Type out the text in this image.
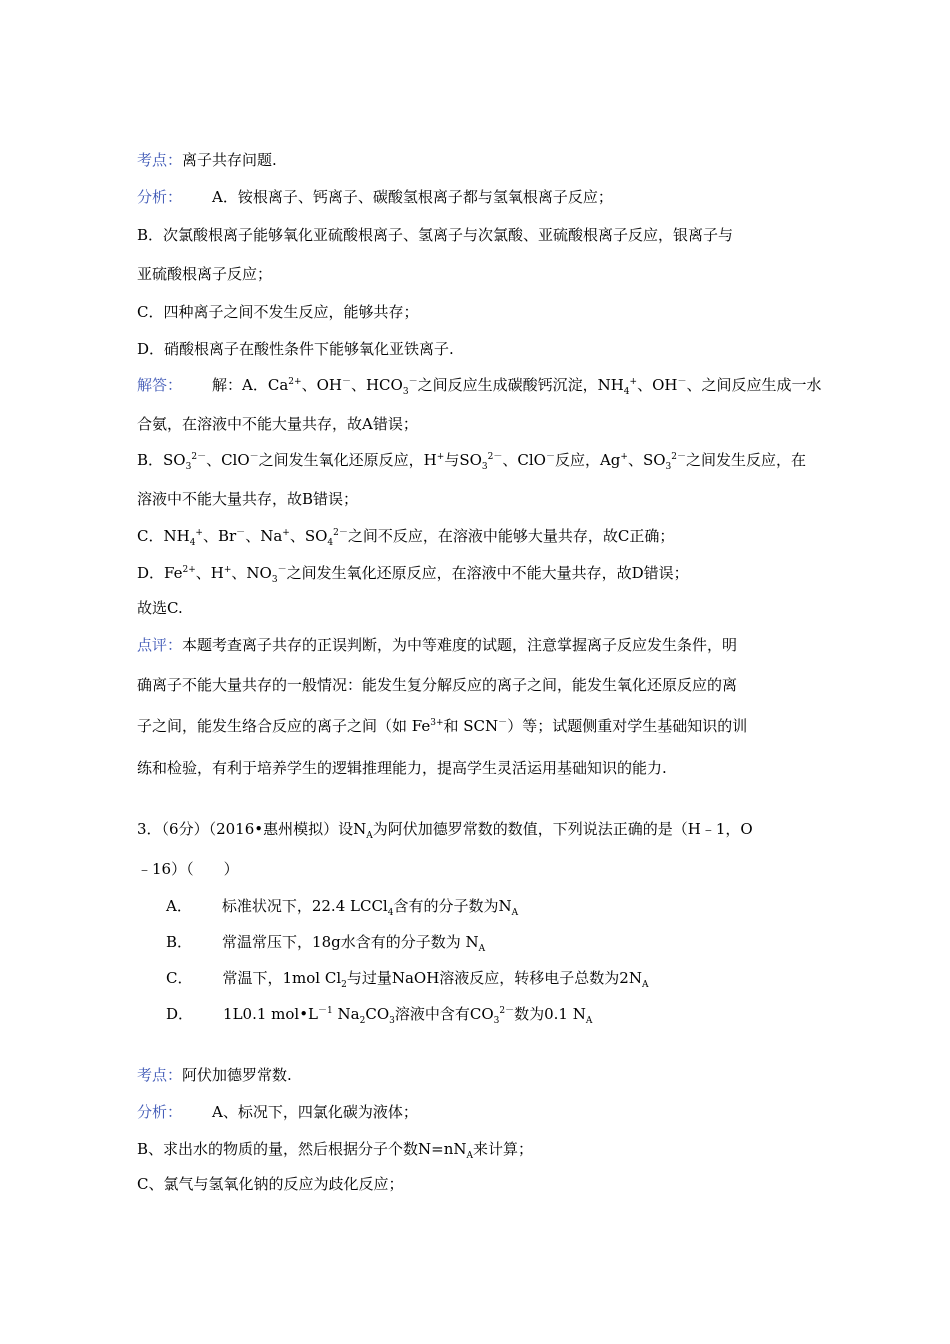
考点：离子共存问题.
分析： A．铵根离子、钙离子、碳酸氢根离子都与氢氧根离子反应；
B．次氯酸根离子能够氧化亚硫酸根离子、氢离子与次氯酸、亚硫酸根离子反应，银离子与
亚硫酸根离子反应；
C．四种离子之间不发生反应，能够共存；
D．硝酸根离子在酸性条件下能够氧化亚铁离子.
解答： 解：A．$Ca^{2+}$、OH－、$HCO_3^-$之间反应生成碳酸钙沉淀，$NH_4^+$、OH－、之间反应生成一水
合氨，在溶液中不能大量共存，故A错误；
B．$SO_3^{2-}$、ClO－之间发生氧化还原反应，H+与$SO_3^{2-}$、ClO－反应，Ag+、$SO_3^{2-}$之间发生反应，在
溶液中不能大量共存，故B错误；
C．$NH_4^+$、Br－、Na+、$SO_4^{2-}$之间不反应，在溶液中能够大量共存，故C正确；
D．$Fe^{2+}$、H+、$NO_3^-$之间发生氧化还原反应，在溶液中不能大量共存，故D错误；
故选C.
点评：本题考查离子共存的正误判断，为中等难度的试题，注意掌握离子反应发生条件，明
确离子不能大量共存的一般情况：能发生复分解反应的离子之间，能发生氧化还原反应的离
子之间，能发生络合反应的离子之间（如 $Fe^{3+}$和 SCN－）等；试题侧重对学生基础知识的训
练和检验，有利于培养学生的逻辑推理能力，提高学生灵活运用基础知识的能力.
3．（6分）（2016•惠州模拟）设$N_A$为阿伏加德罗常数的数值，下列说法正确的是（H﹣1，O
﹣16）（　　）
A． 标准状况下，22.4 LCCl$_4$含有的分子数为$N_A$
B． 常温常压下，18g水含有的分子数为 $N_A$
C． 常温下，1mol $Cl_2$与过量NaOH溶液反应，转移电子总数为$2N_A$
D． 1L0.1 $mol•L^{-1}$ $Na_2CO_3$溶液中含有$CO_3^{2-}$数为0.1 $N_A$
考点：阿伏加德罗常数.
分析： A、标况下，四氯化碳为液体；
B、求出水的物质的量，然后根据分子个数$N=nN_A$来计算；
C、氯气与氢氧化钠的反应为歧化反应；
